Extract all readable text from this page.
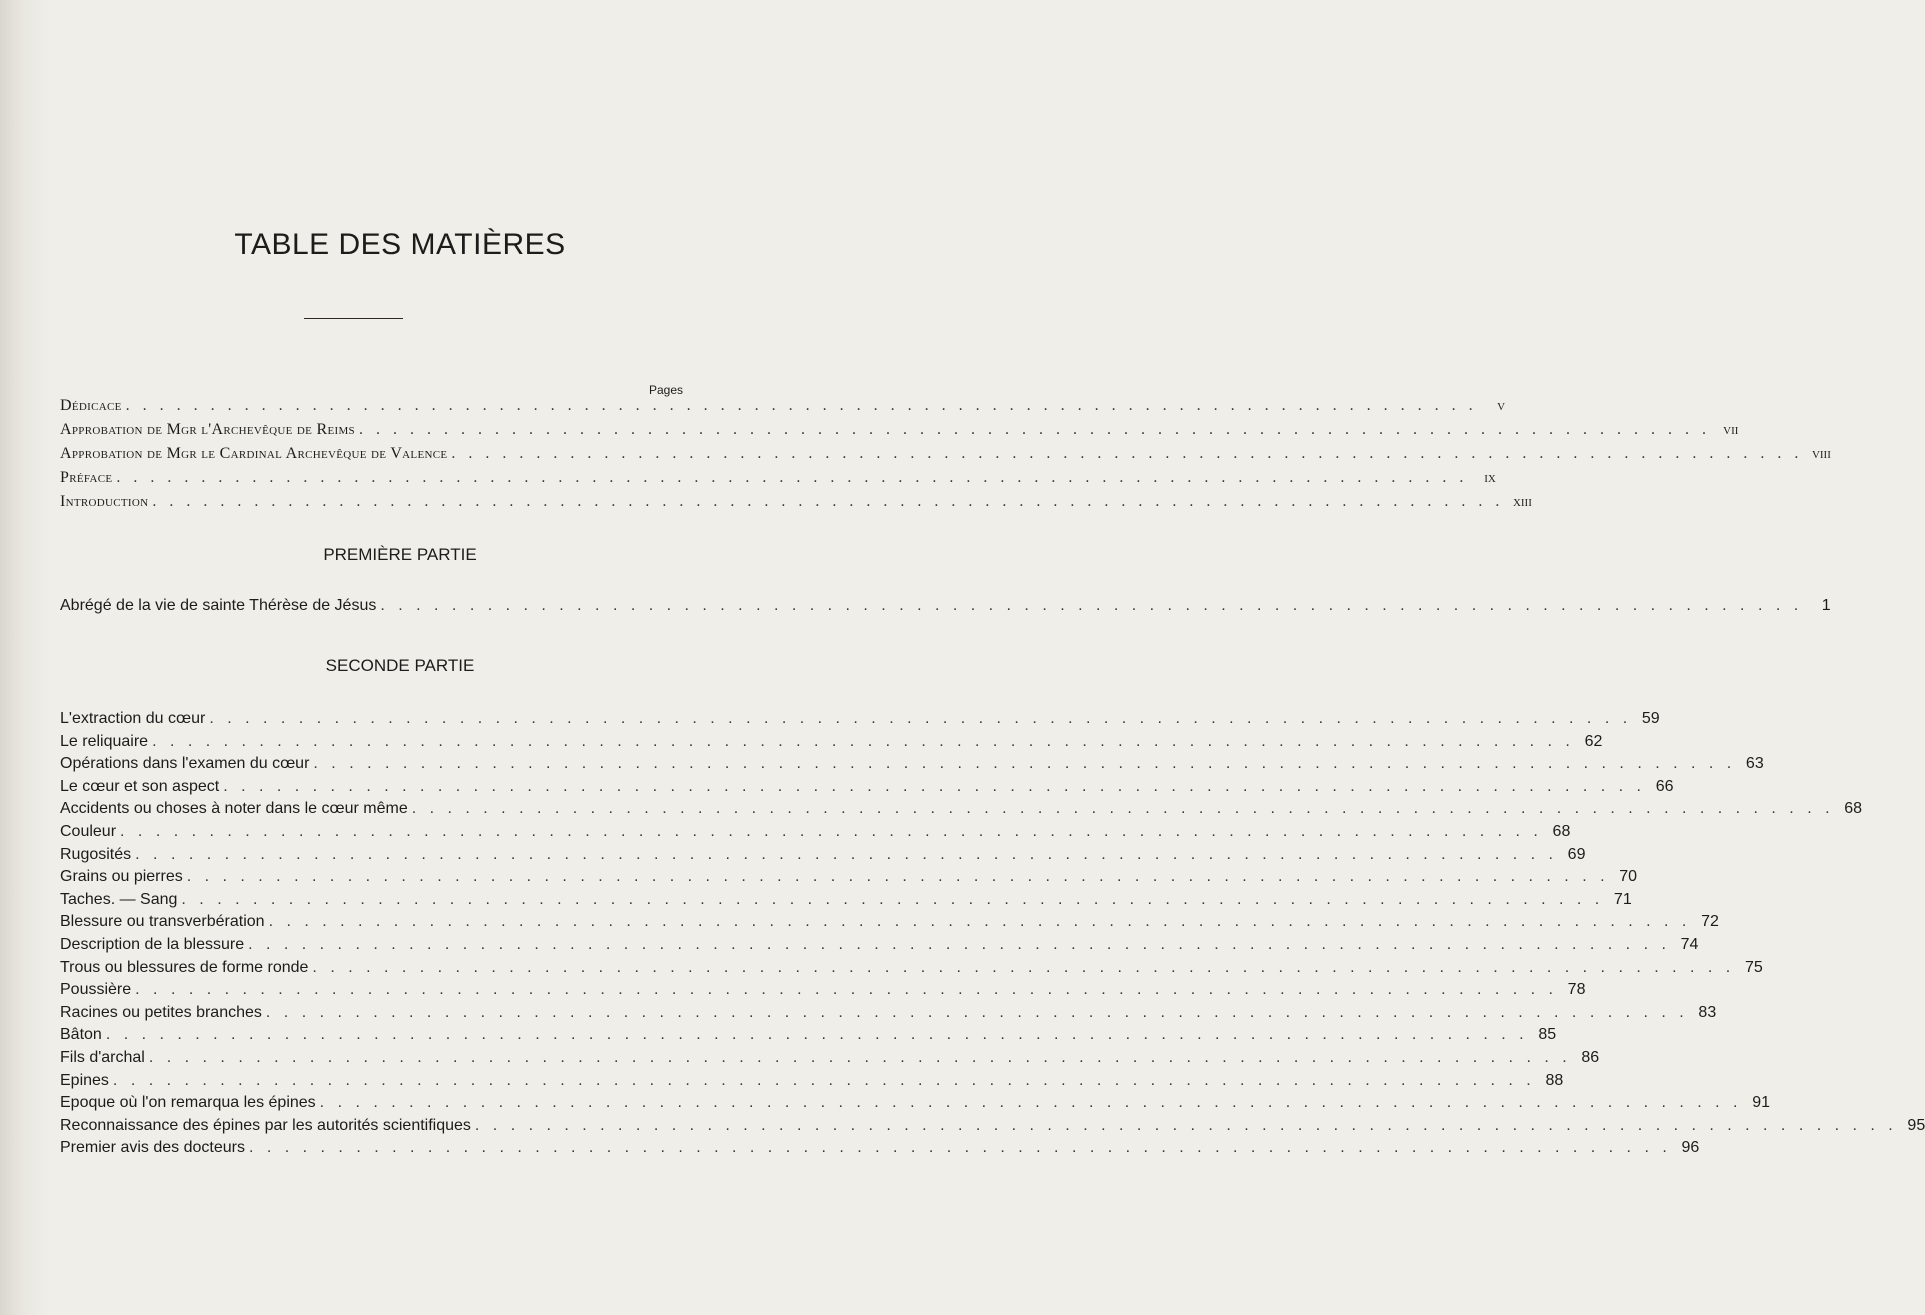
TABLE DES MATIÈRES
Pages
Dédicace . . . . . . . . . . . . . . . . . . . . . . . . . . . . . . . . . . . . . . . . . . . . . . . . . . . . . . . . . . . . . . . . . . . . . . . . . . . . . . . .	v
Approbation de Mgr l'Archevêque de Reims . . . . . . . . . . . . . . . . . . . . . . . . . . . . . . . . . . . . . . . . . . . . . . . . . . . . . . . . . . . . . . . . . . . . . . . . . . . . . . . . vii
Approbation de Mgr le Cardinal Archevêque de Valence . . . . . . . . . . . . . . . . . . . . . . . . . . . . . . . . . . . . . . . . . . . . . . . . . . . . . . . . . . . . . . . . . . . . . . . . . . . . . . . . viii
Préface . . . . . . . . . . . . . . . . . . . . . . . . . . . . . . . . . . . . . . . . . . . . . . . . . . . . . . . . . . . . . . . . . . . . . . . . . . . . . . . .	ix
Introduction . . . . . . . . . . . . . . . . . . . . . . . . . . . . . . . . . . . . . . . . . . . . . . . . . . . . . . . . . . . . . . . . . . . . . . . . . . . . . . . . xiii
PREMIÈRE PARTIE
Abrégé de la vie de sainte Thérèse de Jésus . . . . . . . . . . . . . . . . . . . . . . . . . . . . . . . . . . . . . . . . . . . . . . . . . . . . . . . . . . . . . . . . . . . . . . . . . . . . . . . .	1
SECONDE PARTIE
L'extraction du cœur . . . . . . . . . . . . . . . . . . . . . . . . . . . . . . . . . . . . . . . . . . . . . . . . . . . . . . . . . . . . . . . . . . . . . . . . . . . . . . . . 59
Le reliquaire . . . . . . . . . . . . . . . . . . . . . . . . . . . . . . . . . . . . . . . . . . . . . . . . . . . . . . . . . . . . . . . . . . . . . . . . . . . . . . . . 62
Opérations dans l'examen du cœur . . . . . . . . . . . . . . . . . . . . . . . . . . . . . . . . . . . . . . . . . . . . . . . . . . . . . . . . . . . . . . . . . . . . . . . . . . . . . . . . 63
Le cœur et son aspect . . . . . . . . . . . . . . . . . . . . . . . . . . . . . . . . . . . . . . . . . . . . . . . . . . . . . . . . . . . . . . . . . . . . . . . . . . . . . . . . 66
Accidents ou choses à noter dans le cœur même . . . . . . . . . . . . . . . . . . . . . . . . . . . . . . . . . . . . . . . . . . . . . . . . . . . . . . . . . . . . . . . . . . . . . . . . . . . . . . . . 68
Couleur . . . . . . . . . . . . . . . . . . . . . . . . . . . . . . . . . . . . . . . . . . . . . . . . . . . . . . . . . . . . . . . . . . . . . . . . . . . . . . . . 68
Rugosités . . . . . . . . . . . . . . . . . . . . . . . . . . . . . . . . . . . . . . . . . . . . . . . . . . . . . . . . . . . . . . . . . . . . . . . . . . . . . . . . 69
Grains ou pierres . . . . . . . . . . . . . . . . . . . . . . . . . . . . . . . . . . . . . . . . . . . . . . . . . . . . . . . . . . . . . . . . . . . . . . . . . . . . . . . . 70
Taches. — Sang . . . . . . . . . . . . . . . . . . . . . . . . . . . . . . . . . . . . . . . . . . . . . . . . . . . . . . . . . . . . . . . . . . . . . . . . . . . . . . . . 71
Blessure ou transverbération . . . . . . . . . . . . . . . . . . . . . . . . . . . . . . . . . . . . . . . . . . . . . . . . . . . . . . . . . . . . . . . . . . . . . . . . . . . . . . . . 72
Description de la blessure . . . . . . . . . . . . . . . . . . . . . . . . . . . . . . . . . . . . . . . . . . . . . . . . . . . . . . . . . . . . . . . . . . . . . . . . . . . . . . . . 74
Trous ou blessures de forme ronde . . . . . . . . . . . . . . . . . . . . . . . . . . . . . . . . . . . . . . . . . . . . . . . . . . . . . . . . . . . . . . . . . . . . . . . . . . . . . . . . 75
Poussière . . . . . . . . . . . . . . . . . . . . . . . . . . . . . . . . . . . . . . . . . . . . . . . . . . . . . . . . . . . . . . . . . . . . . . . . . . . . . . . . 78
Racines ou petites branches . . . . . . . . . . . . . . . . . . . . . . . . . . . . . . . . . . . . . . . . . . . . . . . . . . . . . . . . . . . . . . . . . . . . . . . . . . . . . . . . 83
Bâton . . . . . . . . . . . . . . . . . . . . . . . . . . . . . . . . . . . . . . . . . . . . . . . . . . . . . . . . . . . . . . . . . . . . . . . . . . . . . . . . 85
Fils d'archal . . . . . . . . . . . . . . . . . . . . . . . . . . . . . . . . . . . . . . . . . . . . . . . . . . . . . . . . . . . . . . . . . . . . . . . . . . . . . . . . 86
Epines . . . . . . . . . . . . . . . . . . . . . . . . . . . . . . . . . . . . . . . . . . . . . . . . . . . . . . . . . . . . . . . . . . . . . . . . . . . . . . . . 88
Epoque où l'on remarqua les épines . . . . . . . . . . . . . . . . . . . . . . . . . . . . . . . . . . . . . . . . . . . . . . . . . . . . . . . . . . . . . . . . . . . . . . . . . . . . . . . . 91
Reconnaissance des épines par les autorités scientifiques . . . . . . . . . . . . . . . . . . . . . . . . . . . . . . . . . . . . . . . . . . . . . . . . . . . . . . . . . . . . . . . . . . . . . . . . . . . . . . . . 95
Premier avis des docteurs . . . . . . . . . . . . . . . . . . . . . . . . . . . . . . . . . . . . . . . . . . . . . . . . . . . . . . . . . . . . . . . . . . . . . . . . . . . . . . . . 96
